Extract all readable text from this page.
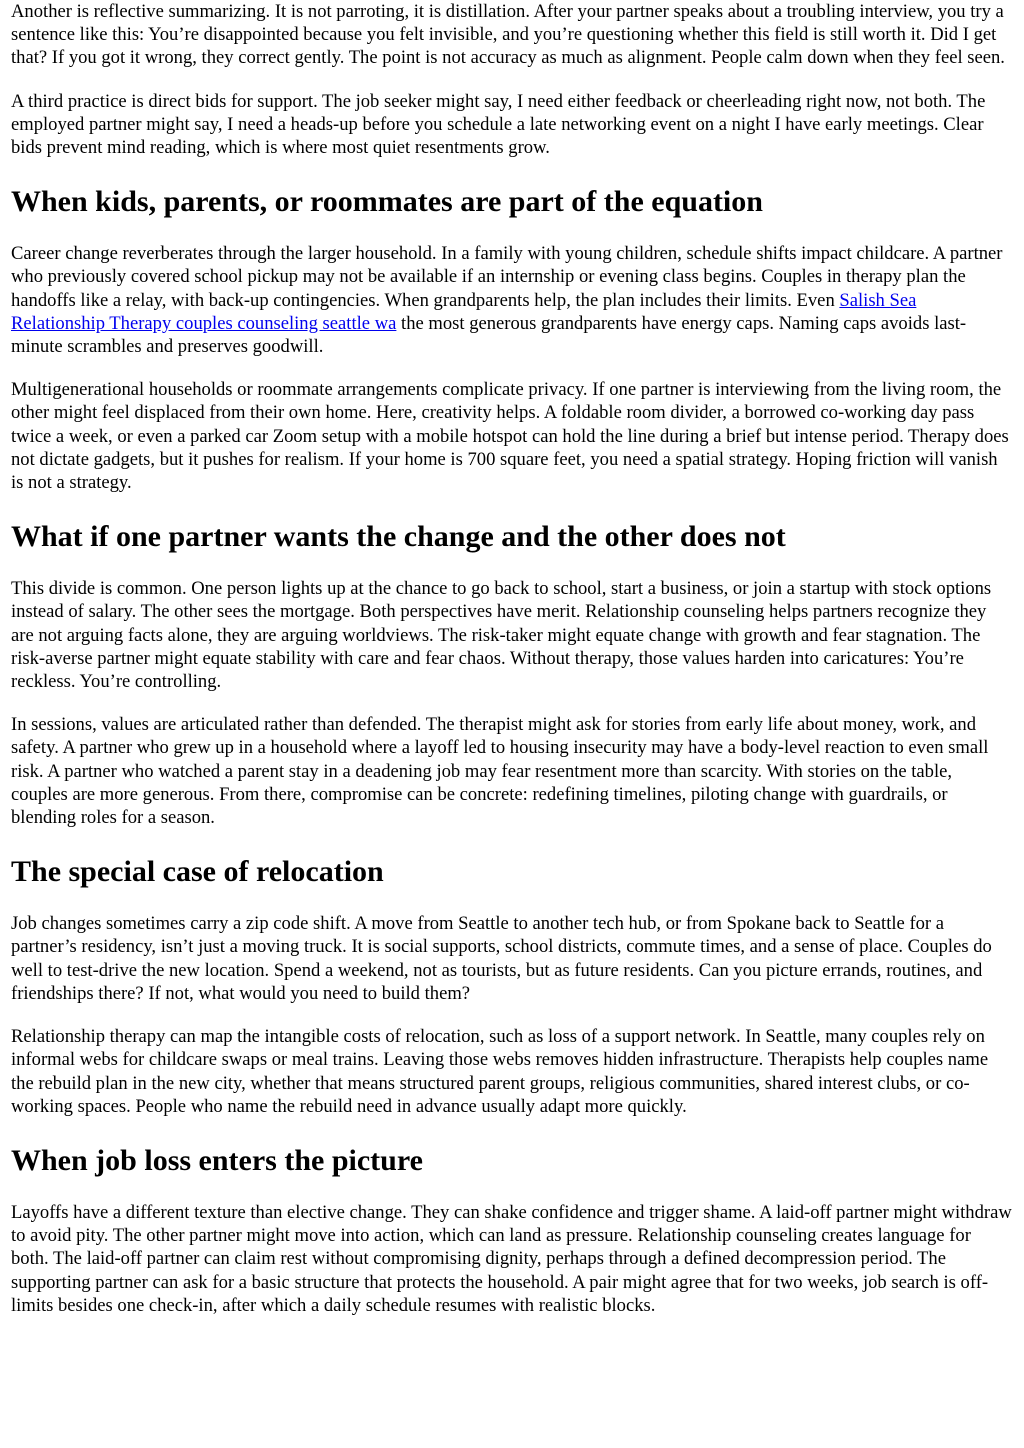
Another is reflective summarizing. It is not parroting, it is distillation. After your partner speaks about a troubling interview, you try a sentence like this: You’re disappointed because you felt invisible, and you’re questioning whether this field is still worth it. Did I get that? If you got it wrong, they correct gently. The point is not accuracy as much as alignment. People calm down when they feel seen.

A third practice is direct bids for support. The job seeker might say, I need either feedback or cheerleading right now, not both. The employed partner might say, I need a heads-up before you schedule a late networking event on a night I have early meetings. Clear bids prevent mind reading, which is where most quiet resentments grow.

When kids, parents, or roommates are part of the equation

Career change reverberates through the larger household. In a family with young children, schedule shifts impact childcare. A partner who previously covered school pickup may not be available if an internship or evening class begins. Couples in therapy plan the handoffs like a relay, with back-up contingencies. When grandparents help, the plan includes their limits. Even Salish Sea Relationship Therapy couples counseling seattle wa the most generous grandparents have energy caps. Naming caps avoids last-minute scrambles and preserves goodwill.

Multigenerational households or roommate arrangements complicate privacy. If one partner is interviewing from the living room, the other might feel displaced from their own home. Here, creativity helps. A foldable room divider, a borrowed co-working day pass twice a week, or even a parked car Zoom setup with a mobile hotspot can hold the line during a brief but intense period. Therapy does not dictate gadgets, but it pushes for realism. If your home is 700 square feet, you need a spatial strategy. Hoping friction will vanish is not a strategy.

What if one partner wants the change and the other does not

This divide is common. One person lights up at the chance to go back to school, start a business, or join a startup with stock options instead of salary. The other sees the mortgage. Both perspectives have merit. Relationship counseling helps partners recognize they are not arguing facts alone, they are arguing worldviews. The risk-taker might equate change with growth and fear stagnation. The risk-averse partner might equate stability with care and fear chaos. Without therapy, those values harden into caricatures: You’re reckless. You’re controlling.

In sessions, values are articulated rather than defended. The therapist might ask for stories from early life about money, work, and safety. A partner who grew up in a household where a layoff led to housing insecurity may have a body-level reaction to even small risk. A partner who watched a parent stay in a deadening job may fear resentment more than scarcity. With stories on the table, couples are more generous. From there, compromise can be concrete: redefining timelines, piloting change with guardrails, or blending roles for a season.

The special case of relocation

Job changes sometimes carry a zip code shift. A move from Seattle to another tech hub, or from Spokane back to Seattle for a partner’s residency, isn’t just a moving truck. It is social supports, school districts, commute times, and a sense of place. Couples do well to test-drive the new location. Spend a weekend, not as tourists, but as future residents. Can you picture errands, routines, and friendships there? If not, what would you need to build them?

Relationship therapy can map the intangible costs of relocation, such as loss of a support network. In Seattle, many couples rely on informal webs for childcare swaps or meal trains. Leaving those webs removes hidden infrastructure. Therapists help couples name the rebuild plan in the new city, whether that means structured parent groups, religious communities, shared interest clubs, or co-working spaces. People who name the rebuild need in advance usually adapt more quickly.

When job loss enters the picture

Layoffs have a different texture than elective change. They can shake confidence and trigger shame. A laid-off partner might withdraw to avoid pity. The other partner might move into action, which can land as pressure. Relationship counseling creates language for both. The laid-off partner can claim rest without compromising dignity, perhaps through a defined decompression period. The supporting partner can ask for a basic structure that protects the household. A pair might agree that for two weeks, job search is off-limits besides one check-in, after which a daily schedule resumes with realistic blocks.
